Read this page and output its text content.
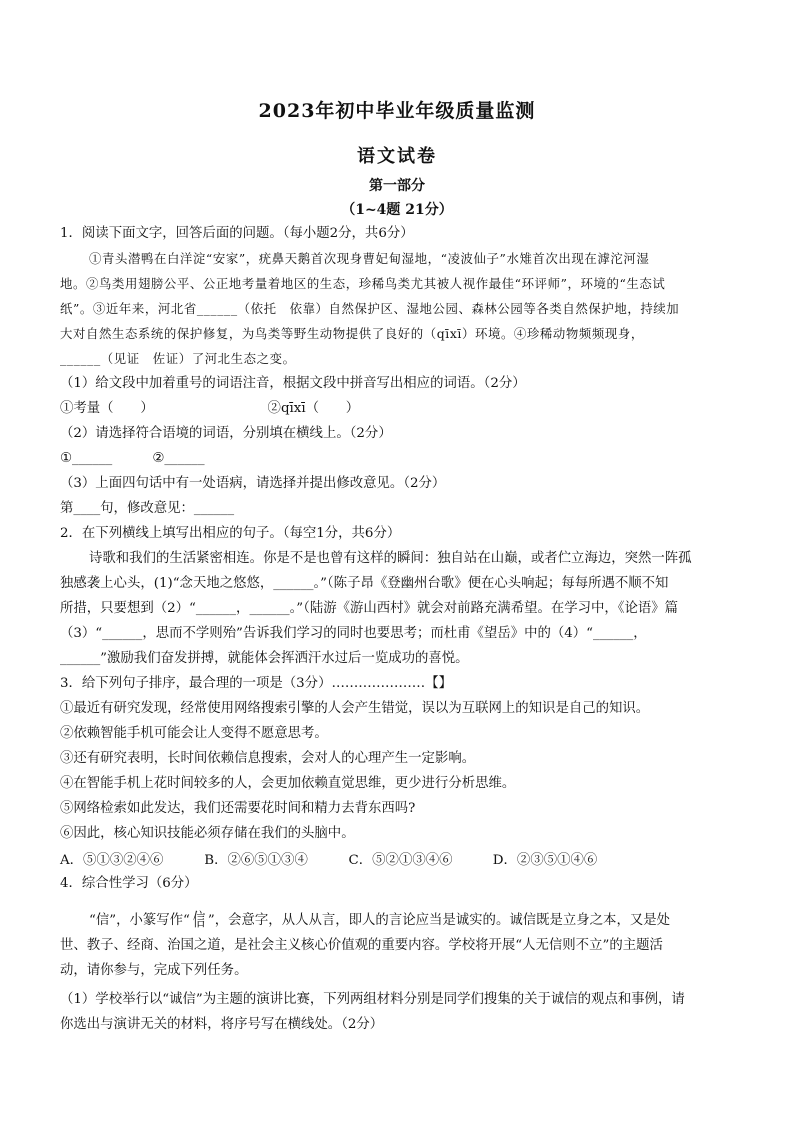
2023年初中毕业年级质量监测
语文试卷
第一部分
（1~4题 21分）
1．阅读下面文字，回答后面的问题。（每小题2分，共6分）
①青头潜鸭在白洋淀“安家”，疣鼻天鹅首次现身曹妃甸湿地，“凌波仙子”水雉首次出现在滹沱河湿
地。②鸟类用翅膀公平、公正地考量着地区的生态，珍稀鸟类尤其被人视作最佳“环评师”，环境的“生态试
纸”。③近年来，河北省______（依托　依靠）自然保护区、湿地公园、森林公园等各类自然保护地，持续加
大对自然生态系统的保护修复，为鸟类等野生动物提供了良好的（qīxī）环境。④珍稀动物频频现身，
______（见证　佐证）了河北生态之变。
（1）给文段中加着重号的词语注音，根据文段中拼音写出相应的词语。（2分）
①考量（　　）　　　　　　　　　②qīxī（　　）
（2）请选择符合语境的词语，分别填在横线上。（2分）
①______　　　②______
（3）上面四句话中有一处语病，请选择并提出修改意见。（2分）
第____句，修改意见：______
2．在下列横线上填写出相应的句子。（每空1分，共6分）
诗歌和我们的生活紧密相连。你是不是也曾有这样的瞬间：独自站在山巅，或者伫立海边，突然一阵孤
独感袭上心头，(1)“念天地之悠悠，______。”（陈子昂《登幽州台歌》便在心头响起；每每所遇不顺不知
所措，只要想到（2）“______，______。”（陆游《游山西村》就会对前路充满希望。在学习中，《论语》篇
（3）“______，思而不学则殆”告诉我们学习的同时也要思考；而杜甫《望岳》中的（4）“______，
______”激励我们奋发拼搏，就能体会挥洒汗水过后一览成功的喜悦。
3．给下列句子排序，最合理的一项是（3分）…………………【】
①最近有研究发现，经常使用网络搜索引擎的人会产生错觉，误以为互联网上的知识是自己的知识。
②依赖智能手机可能会让人变得不愿意思考。
③还有研究表明，长时间依赖信息搜索，会对人的心理产生一定影响。
④在智能手机上花时间较多的人，会更加依赖直觉思维，更少进行分析思维。
⑤网络检索如此发达，我们还需要花时间和精力去背东西吗?
⑥因此，核心知识技能必须存储在我们的头脑中。
A．⑤①③②④⑥	B．②⑥⑤①③④	C．⑤②①③④⑥	D．②③⑤①④⑥
4．综合性学习（6分）
“信”，小篆写作“ 信 ”，会意字，从人从言，即人的言论应当是诚实的。诚信既是立身之本，又是处
世、教子、经商、治国之道，是社会主义核心价值观的重要内容。学校将开展“人无信则不立”的主题活
动，请你参与，完成下列任务。
（1）学校举行以“诚信”为主题的演讲比赛，下列两组材料分别是同学们搜集的关于诚信的观点和事例，请
你选出与演讲无关的材料，将序号写在横线处。（2分）
